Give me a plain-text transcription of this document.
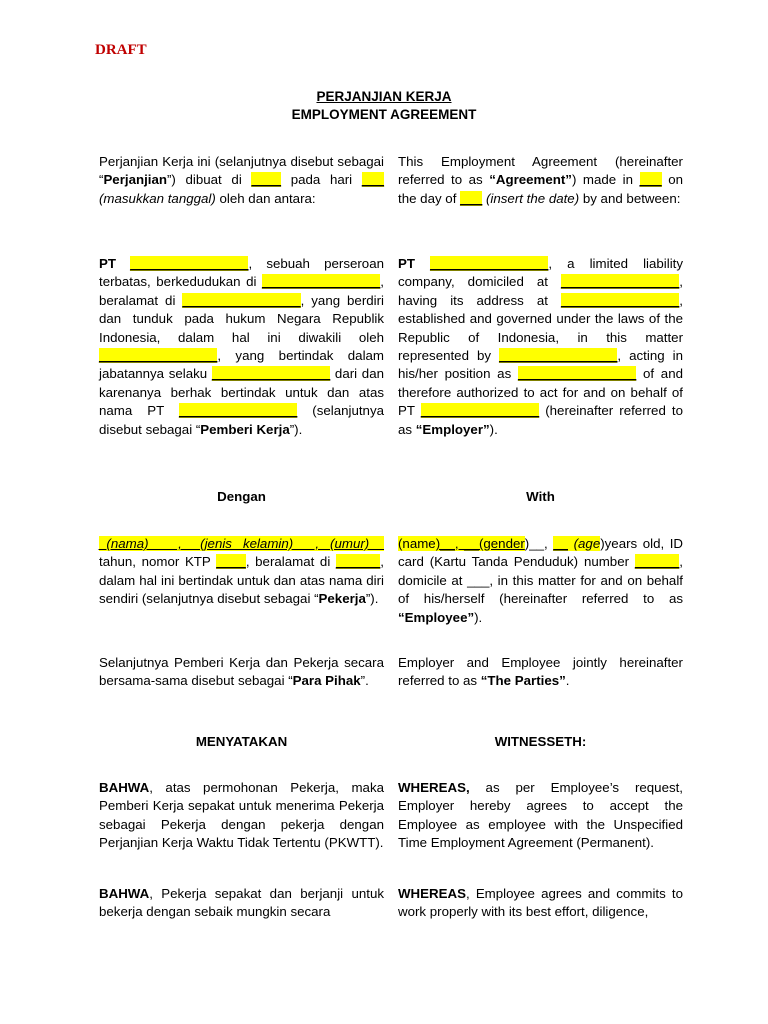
DRAFT
PERJANJIAN KERJA
EMPLOYMENT AGREEMENT
Perjanjian Kerja ini (selanjutnya disebut sebagai “Perjanjian”) dibuat di ____ pada hari ___ (masukkan tanggal) oleh dan antara:
PT ________________, sebuah perseroan terbatas, berkedudukan di ________________, beralamat di ________________, yang berdiri dan tunduk pada hukum Negara Republik Indonesia, dalam hal ini diwakili oleh ________________, yang bertindak dalam jabatannya selaku ________________ dari dan karenanya berhak bertindak untuk dan atas nama PT ________________ (selanjutnya disebut sebagai “Pemberi Kerja”).
Dengan
_(nama)____, _(jenis kelamin)___, (umur)__ tahun, nomor KTP ____, beralamat di ______, dalam hal ini bertindak untuk dan atas nama diri sendiri (selanjutnya disebut sebagai “Pekerja”).
Selanjutnya Pemberi Kerja dan Pekerja secara bersama-sama disebut sebagai “Para Pihak”.
MENYATAKAN
BAHWA, atas permohonan Pekerja, maka Pemberi Kerja sepakat untuk menerima Pekerja sebagai Pekerja dengan pekerja dengan Perjanjian Kerja Waktu Tidak Tertentu (PKWTT).
BAHWA, Pekerja sepakat dan berjanji untuk bekerja dengan sebaik mungkin secara
This Employment Agreement (hereinafter referred to as “Agreement”) made in ___ on the day of ___ (insert the date) by and between:
PT ________________, a limited liability company, domiciled at ________________, having its address at ________________, established and governed under the laws of the Republic of Indonesia, in this matter represented by ________________, acting in his/her position as ________________ of and therefore authorized to act for and on behalf of PT ________________ (hereinafter referred to as “Employer”).
With
(name)__, __(gender)__, __ (age)years old, ID card (Kartu Tanda Penduduk) number ______, domicile at ___, in this matter for and on behalf of his/herself (hereinafter referred to as “Employee”).
Employer and Employee jointly hereinafter referred to as “The Parties”.
WITNESSETH:
WHEREAS, as per Employee’s request, Employer hereby agrees to accept the Employee as employee with the Unspecified Time Employment Agreement (Permanent).
WHEREAS, Employee agrees and commits to work properly with its best effort, diligence,
